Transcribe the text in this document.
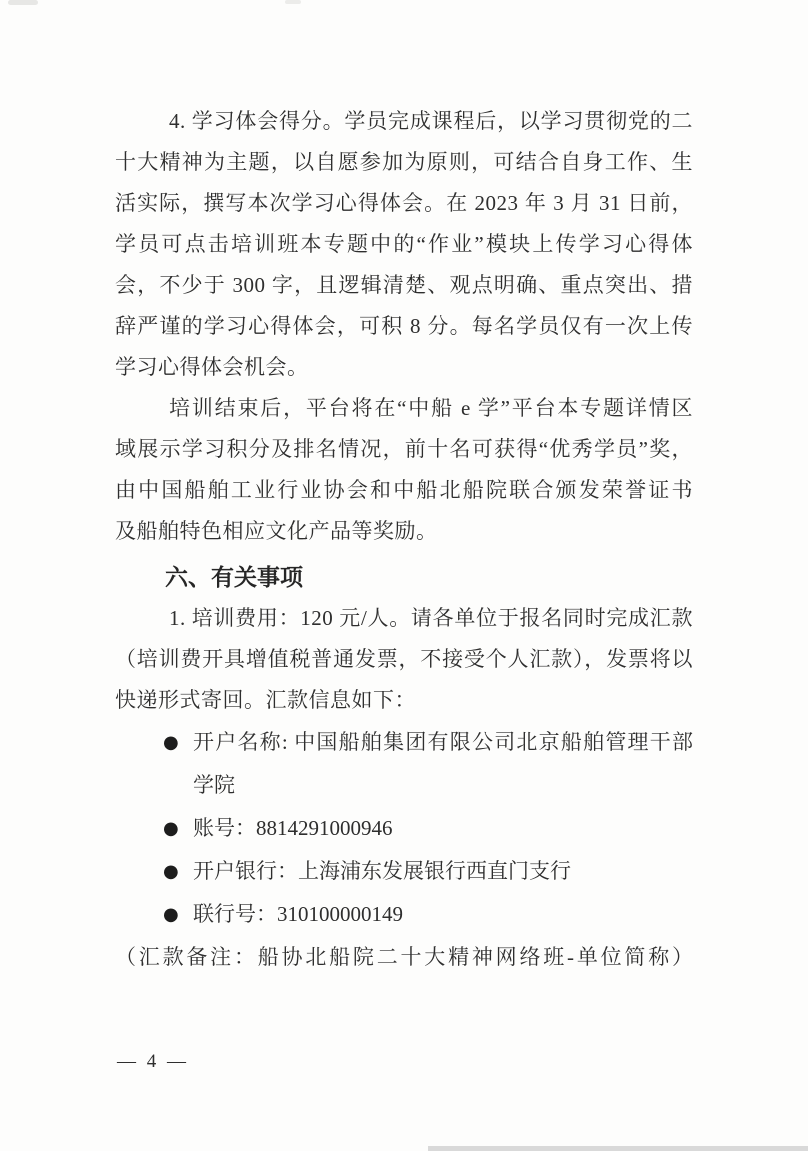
4. 学习体会得分。学员完成课程后，以学习贯彻党的二
十大精神为主题，以自愿参加为原则，可结合自身工作、生
活实际，撰写本次学习心得体会。在 2023 年 3 月 31 日前，
学员可点击培训班本专题中的“作业”模块上传学习心得体
会，不少于 300 字，且逻辑清楚、观点明确、重点突出、措
辞严谨的学习心得体会，可积 8 分。每名学员仅有一次上传
学习心得体会机会。
培训结束后，平台将在“中船 e 学”平台本专题详情区
域展示学习积分及排名情况，前十名可获得“优秀学员”奖，
由中国船舶工业行业协会和中船北船院联合颁发荣誉证书
及船舶特色相应文化产品等奖励。
六、有关事项
1. 培训费用：120 元/人。请各单位于报名同时完成汇款
（培训费开具增值税普通发票，不接受个人汇款），发票将以
快递形式寄回。汇款信息如下：
● 开户名称: 中国船舶集团有限公司北京船舶管理干部
学院
● 账号：8814291000946
● 开户银行：上海浦东发展银行西直门支行
● 联行号：310100000149
（汇款备注：船协北船院二十大精神网络班-单位简称）
— 4 —
